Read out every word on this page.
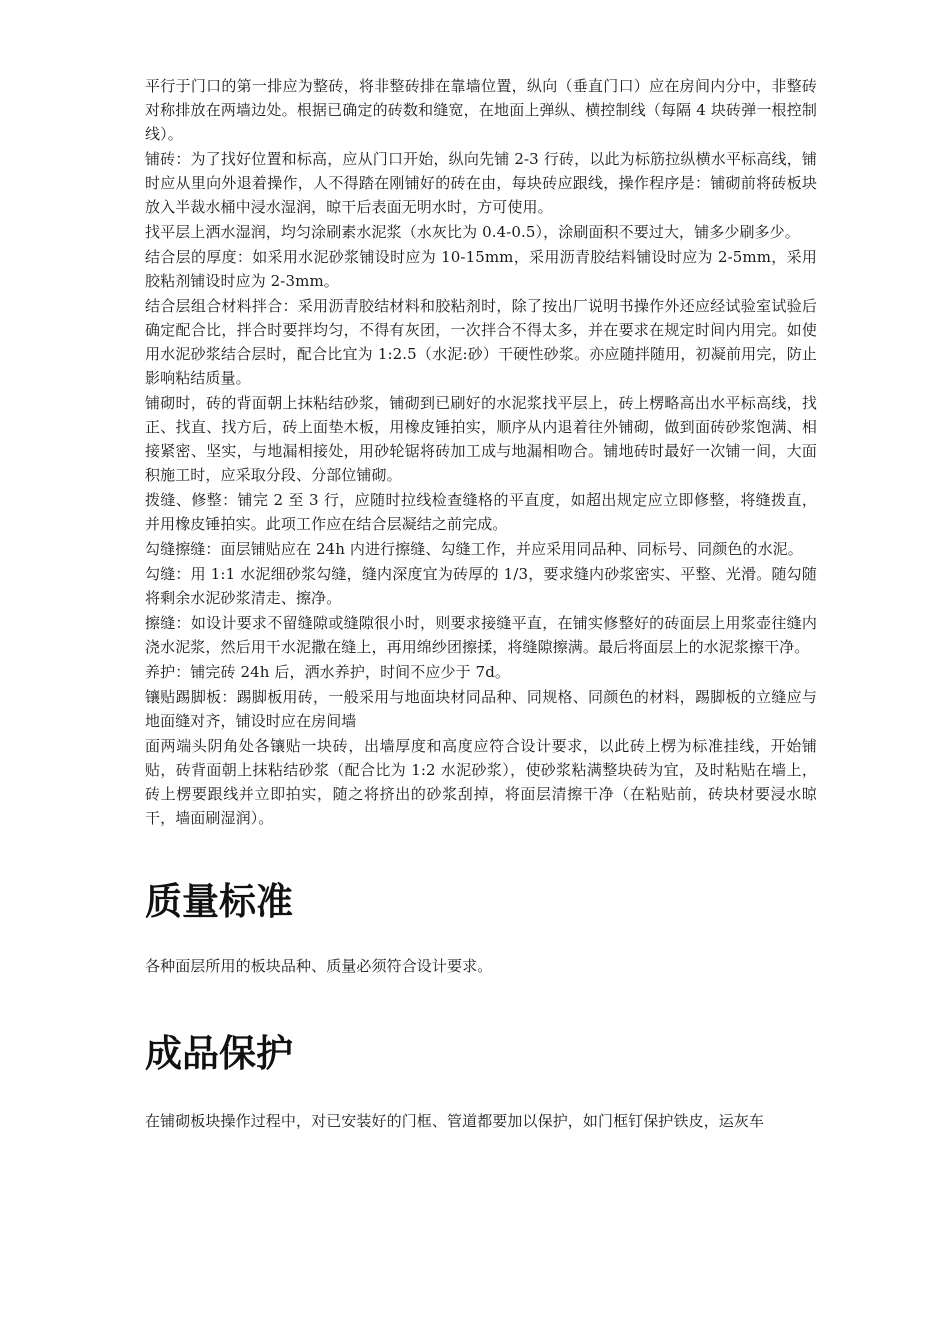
平行于门口的第一排应为整砖，将非整砖排在靠墙位置，纵向（垂直门口）应在房间内分中，非整砖对称排放在两墙边处。根据已确定的砖数和缝宽，在地面上弹纵、横控制线（每隔 4 块砖弹一根控制线）。

铺砖：为了找好位置和标高，应从门口开始，纵向先铺 2-3 行砖，以此为标筋拉纵横水平标高线，铺时应从里向外退着操作，人不得踏在刚铺好的砖在由，每块砖应跟线，操作程序是：铺砌前将砖板块放入半裁水桶中浸水湿润，晾干后表面无明水时，方可使用。

找平层上洒水湿润，均匀涂刷素水泥浆（水灰比为 0.4-0.5），涂刷面积不要过大，铺多少刷多少。

结合层的厚度：如采用水泥砂浆铺设时应为 10-15mm，采用沥青胶结料铺设时应为 2-5mm，采用胶粘剂铺设时应为 2-3mm。

结合层组合材料拌合：采用沥青胶结材料和胶粘剂时，除了按出厂说明书操作外还应经试验室试验后确定配合比，拌合时要拌均匀，不得有灰团，一次拌合不得太多，并在要求在规定时间内用完。如使用水泥砂浆结合层时，配合比宜为 1:2.5（水泥:砂）干硬性砂浆。亦应随拌随用，初凝前用完，防止影响粘结质量。

铺砌时，砖的背面朝上抹粘结砂浆，铺砌到已刷好的水泥浆找平层上，砖上楞略高出水平标高线，找正、找直、找方后，砖上面垫木板，用橡皮锤拍实，顺序从内退着往外铺砌，做到面砖砂浆饱满、相接紧密、坚实，与地漏相接处，用砂轮锯将砖加工成与地漏相吻合。铺地砖时最好一次铺一间，大面积施工时，应采取分段、分部位铺砌。

拨缝、修整：铺完 2 至 3 行，应随时拉线检查缝格的平直度，如超出规定应立即修整，将缝拨直，并用橡皮锤拍实。此项工作应在结合层凝结之前完成。

勾缝擦缝：面层铺贴应在 24h 内进行擦缝、勾缝工作，并应采用同品种、同标号、同颜色的水泥。

勾缝：用 1:1 水泥细砂浆勾缝，缝内深度宜为砖厚的 1/3，要求缝内砂浆密实、平整、光滑。随勾随将剩余水泥砂浆清走、擦净。

擦缝：如设计要求不留缝隙或缝隙很小时，则要求接缝平直，在铺实修整好的砖面层上用浆壶往缝内浇水泥浆，然后用干水泥撒在缝上，再用绵纱团擦揉，将缝隙擦满。最后将面层上的水泥浆擦干净。

养护：铺完砖 24h 后，洒水养护，时间不应少于 7d。

镶贴踢脚板：踢脚板用砖，一般采用与地面块材同品种、同规格、同颜色的材料，踢脚板的立缝应与地面缝对齐，铺设时应在房间墙

面两端头阴角处各镶贴一块砖，出墙厚度和高度应符合设计要求，以此砖上楞为标准挂线，开始铺贴，砖背面朝上抹粘结砂浆（配合比为 1:2 水泥砂浆），使砂浆粘满整块砖为宜，及时粘贴在墙上，砖上楞要跟线并立即拍实，随之将挤出的砂浆刮掉，将面层清擦干净（在粘贴前，砖块材要浸水晾干，墙面刷湿润）。

质量标准

各种面层所用的板块品种、质量必须符合设计要求。

成品保护

在铺砌板块操作过程中，对已安装好的门框、管道都要加以保护，如门框钉保护铁皮，运灰车
